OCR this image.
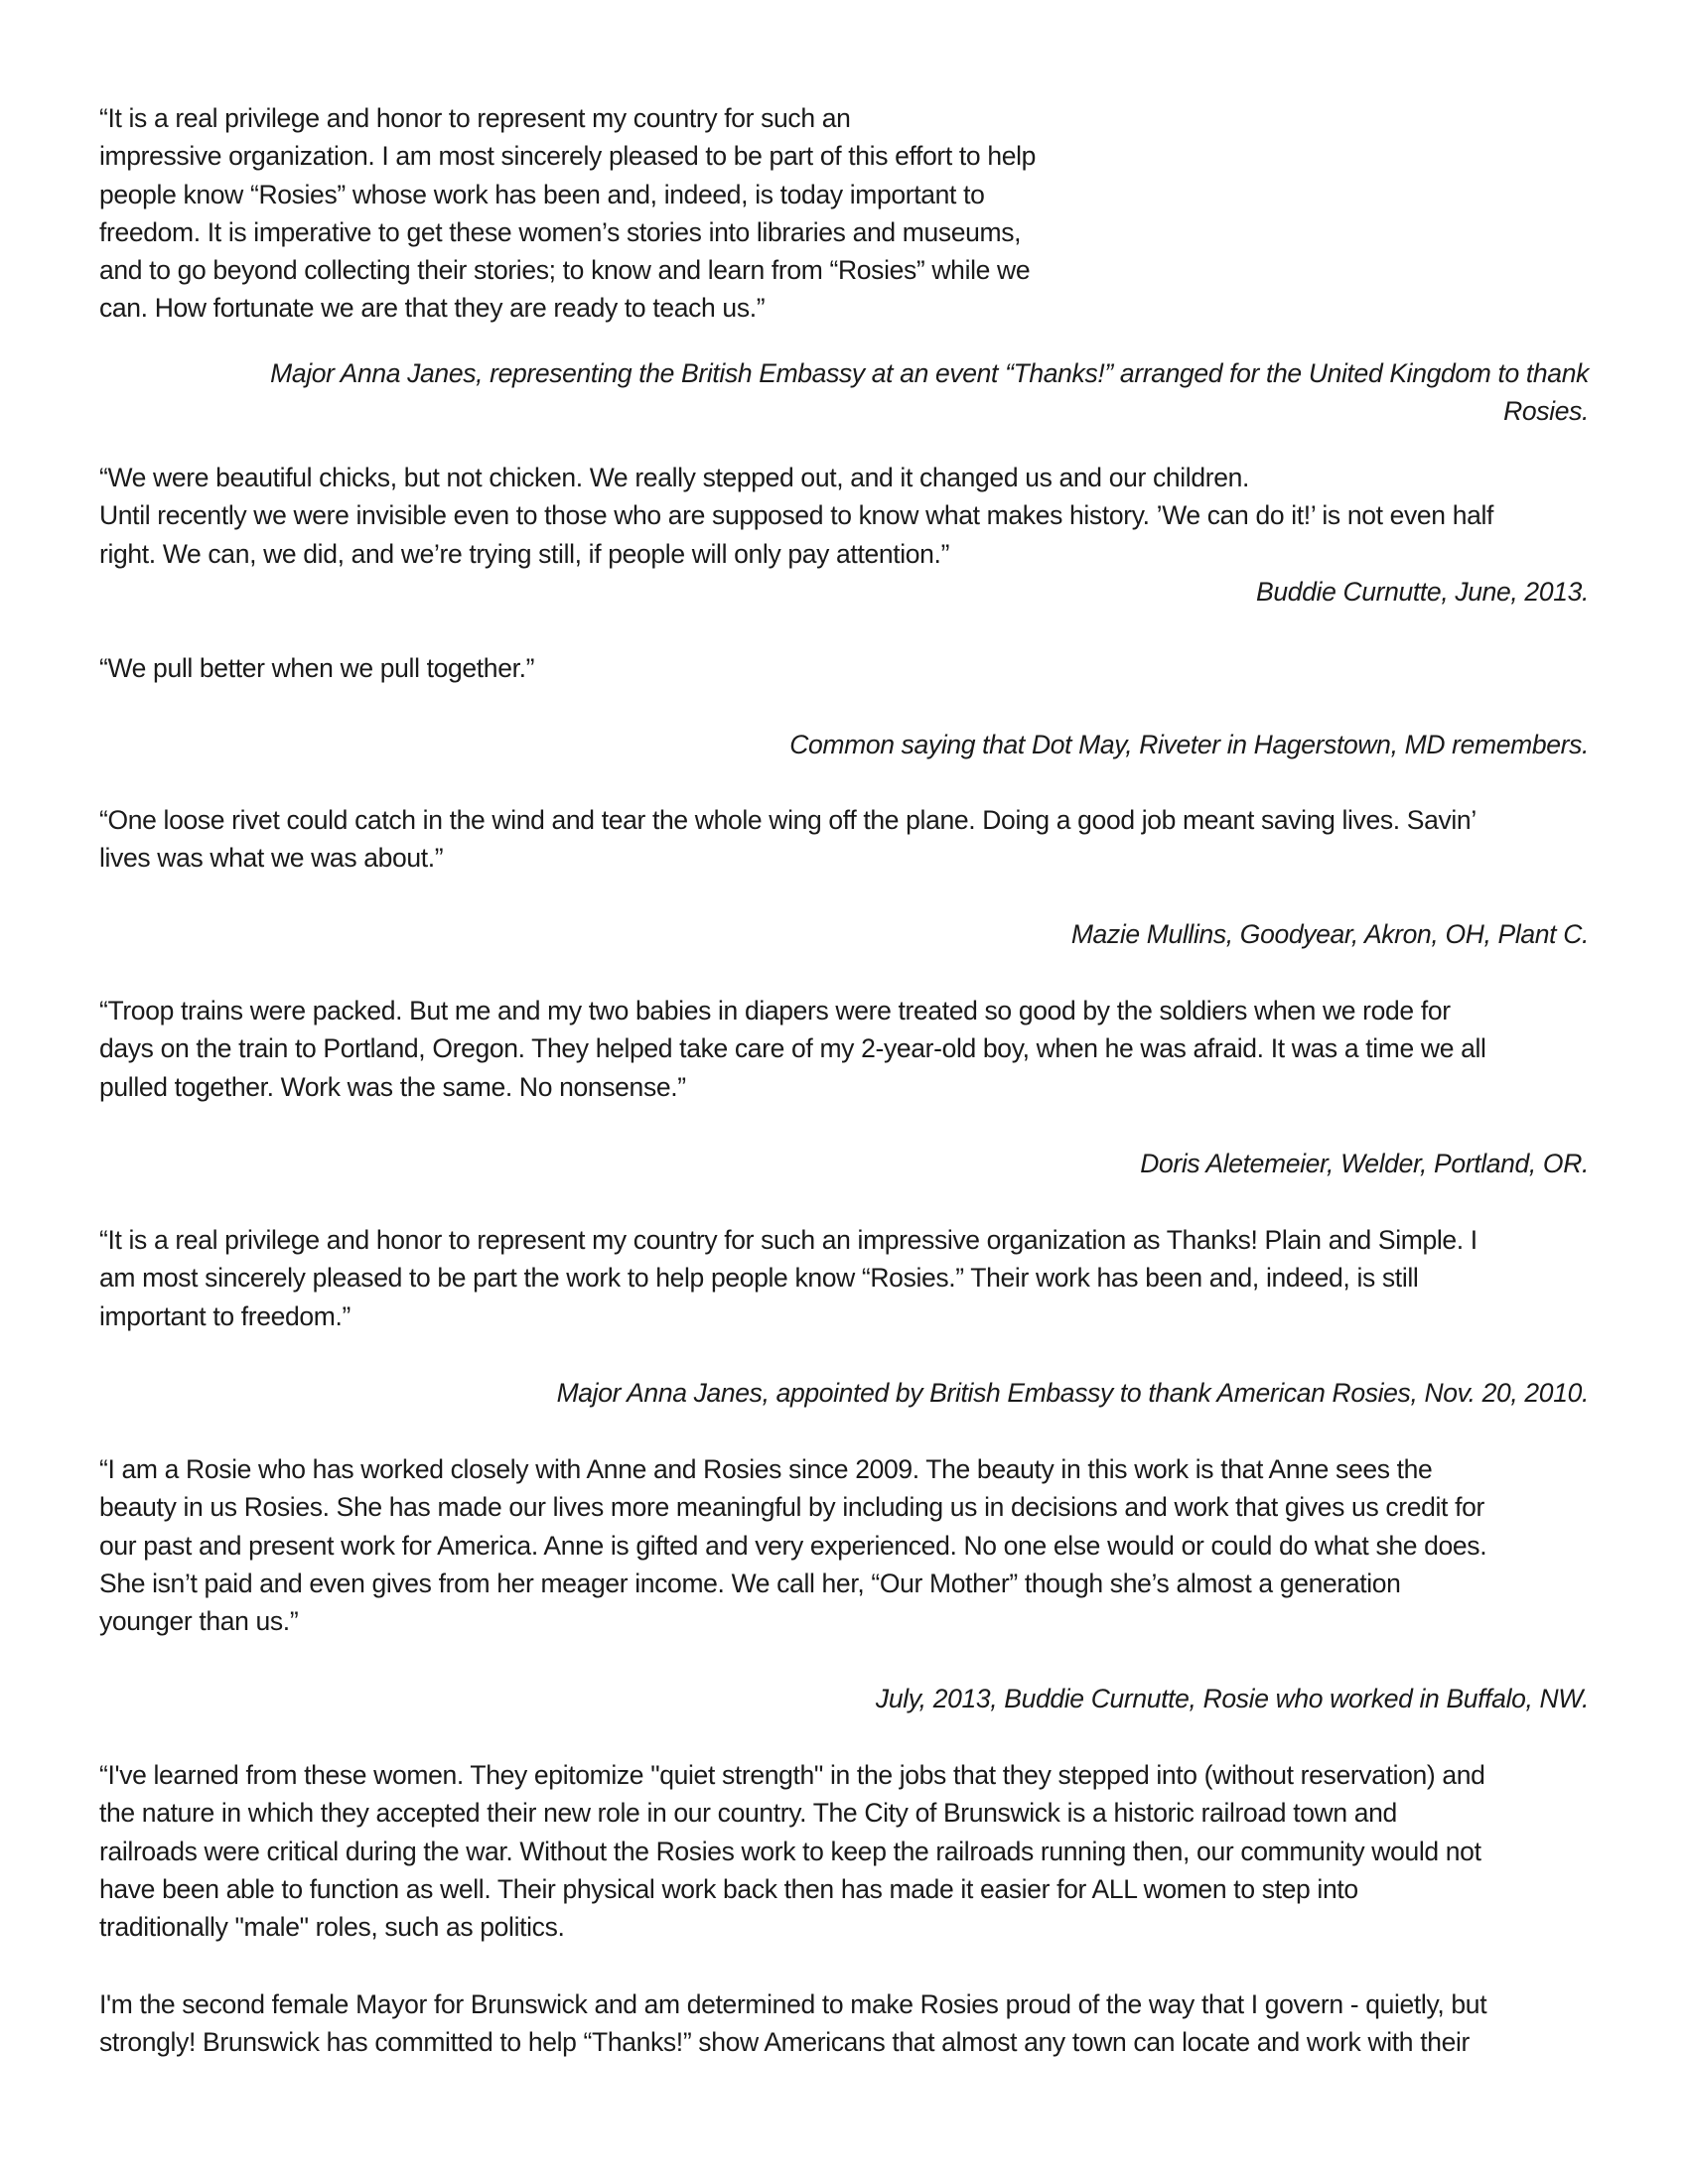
“It is a real privilege and honor to represent my country for such an
impressive organization. I am most sincerely pleased to be part of this effort to help
people know “Rosies” whose work has been and, indeed, is today important to
freedom. It is imperative to get these women’s stories into libraries and museums,
and to go beyond collecting their stories; to know and learn from “Rosies” while we
can. How fortunate we are that they are ready to teach us.”

Major Anna Janes, representing the British Embassy at an event “Thanks!” arranged for the United Kingdom to thank
Rosies.
“We were beautiful chicks, but not chicken. We really stepped out, and it changed us and our children.
Until recently we were invisible even to those who are supposed to know what makes history. ’We can do it!’ is not even half
right. We can, we did, and we’re trying still, if people will only pay attention.”
Buddie Curnutte, June, 2013.
“We pull better when we pull together.”
Common saying that Dot May, Riveter in Hagerstown, MD remembers.
“One loose rivet could catch in the wind and tear the whole wing off the plane. Doing a good job meant saving lives. Savin’
lives was what we was about.”
Mazie Mullins, Goodyear, Akron, OH, Plant C.
“Troop trains were packed. But me and my two babies in diapers were treated so good by the soldiers when we rode for
days on the train to Portland, Oregon. They helped take care of my 2-year-old boy, when he was afraid. It was a time we all
pulled together. Work was the same. No nonsense.”
Doris Aletemeier, Welder, Portland, OR.
“It is a real privilege and honor to represent my country for such an impressive organization as Thanks! Plain and Simple. I
am most sincerely pleased to be part the work to help people know “Rosies.” Their work has been and, indeed, is still
important to freedom.”
Major Anna Janes, appointed by British Embassy to thank American Rosies, Nov. 20, 2010.
“I am a Rosie who has worked closely with Anne and Rosies since 2009. The beauty in this work is that Anne sees the
beauty in us Rosies. She has made our lives more meaningful by including us in decisions and work that gives us credit for
our past and present work for America. Anne is gifted and very experienced. No one else would or could do what she does.
She isn’t paid and even gives from her meager income. We call her, “Our Mother” though she’s almost a generation
younger than us.”
July, 2013, Buddie Curnutte, Rosie who worked in Buffalo, NW.
“I've learned from these women. They epitomize "quiet strength" in the jobs that they stepped into (without reservation) and
the nature in which they accepted their new role in our country. The City of Brunswick is a historic railroad town and
railroads were critical during the war. Without the Rosies work to keep the railroads running then, our community would not
have been able to function as well. Their physical work back then has made it easier for ALL women to step into
traditionally "male" roles, such as politics.
I'm the second female Mayor for Brunswick and am determined to make Rosies proud of the way that I govern - quietly, but
strongly! Brunswick has committed to help “Thanks!” show Americans that almost any town can locate and work with their
